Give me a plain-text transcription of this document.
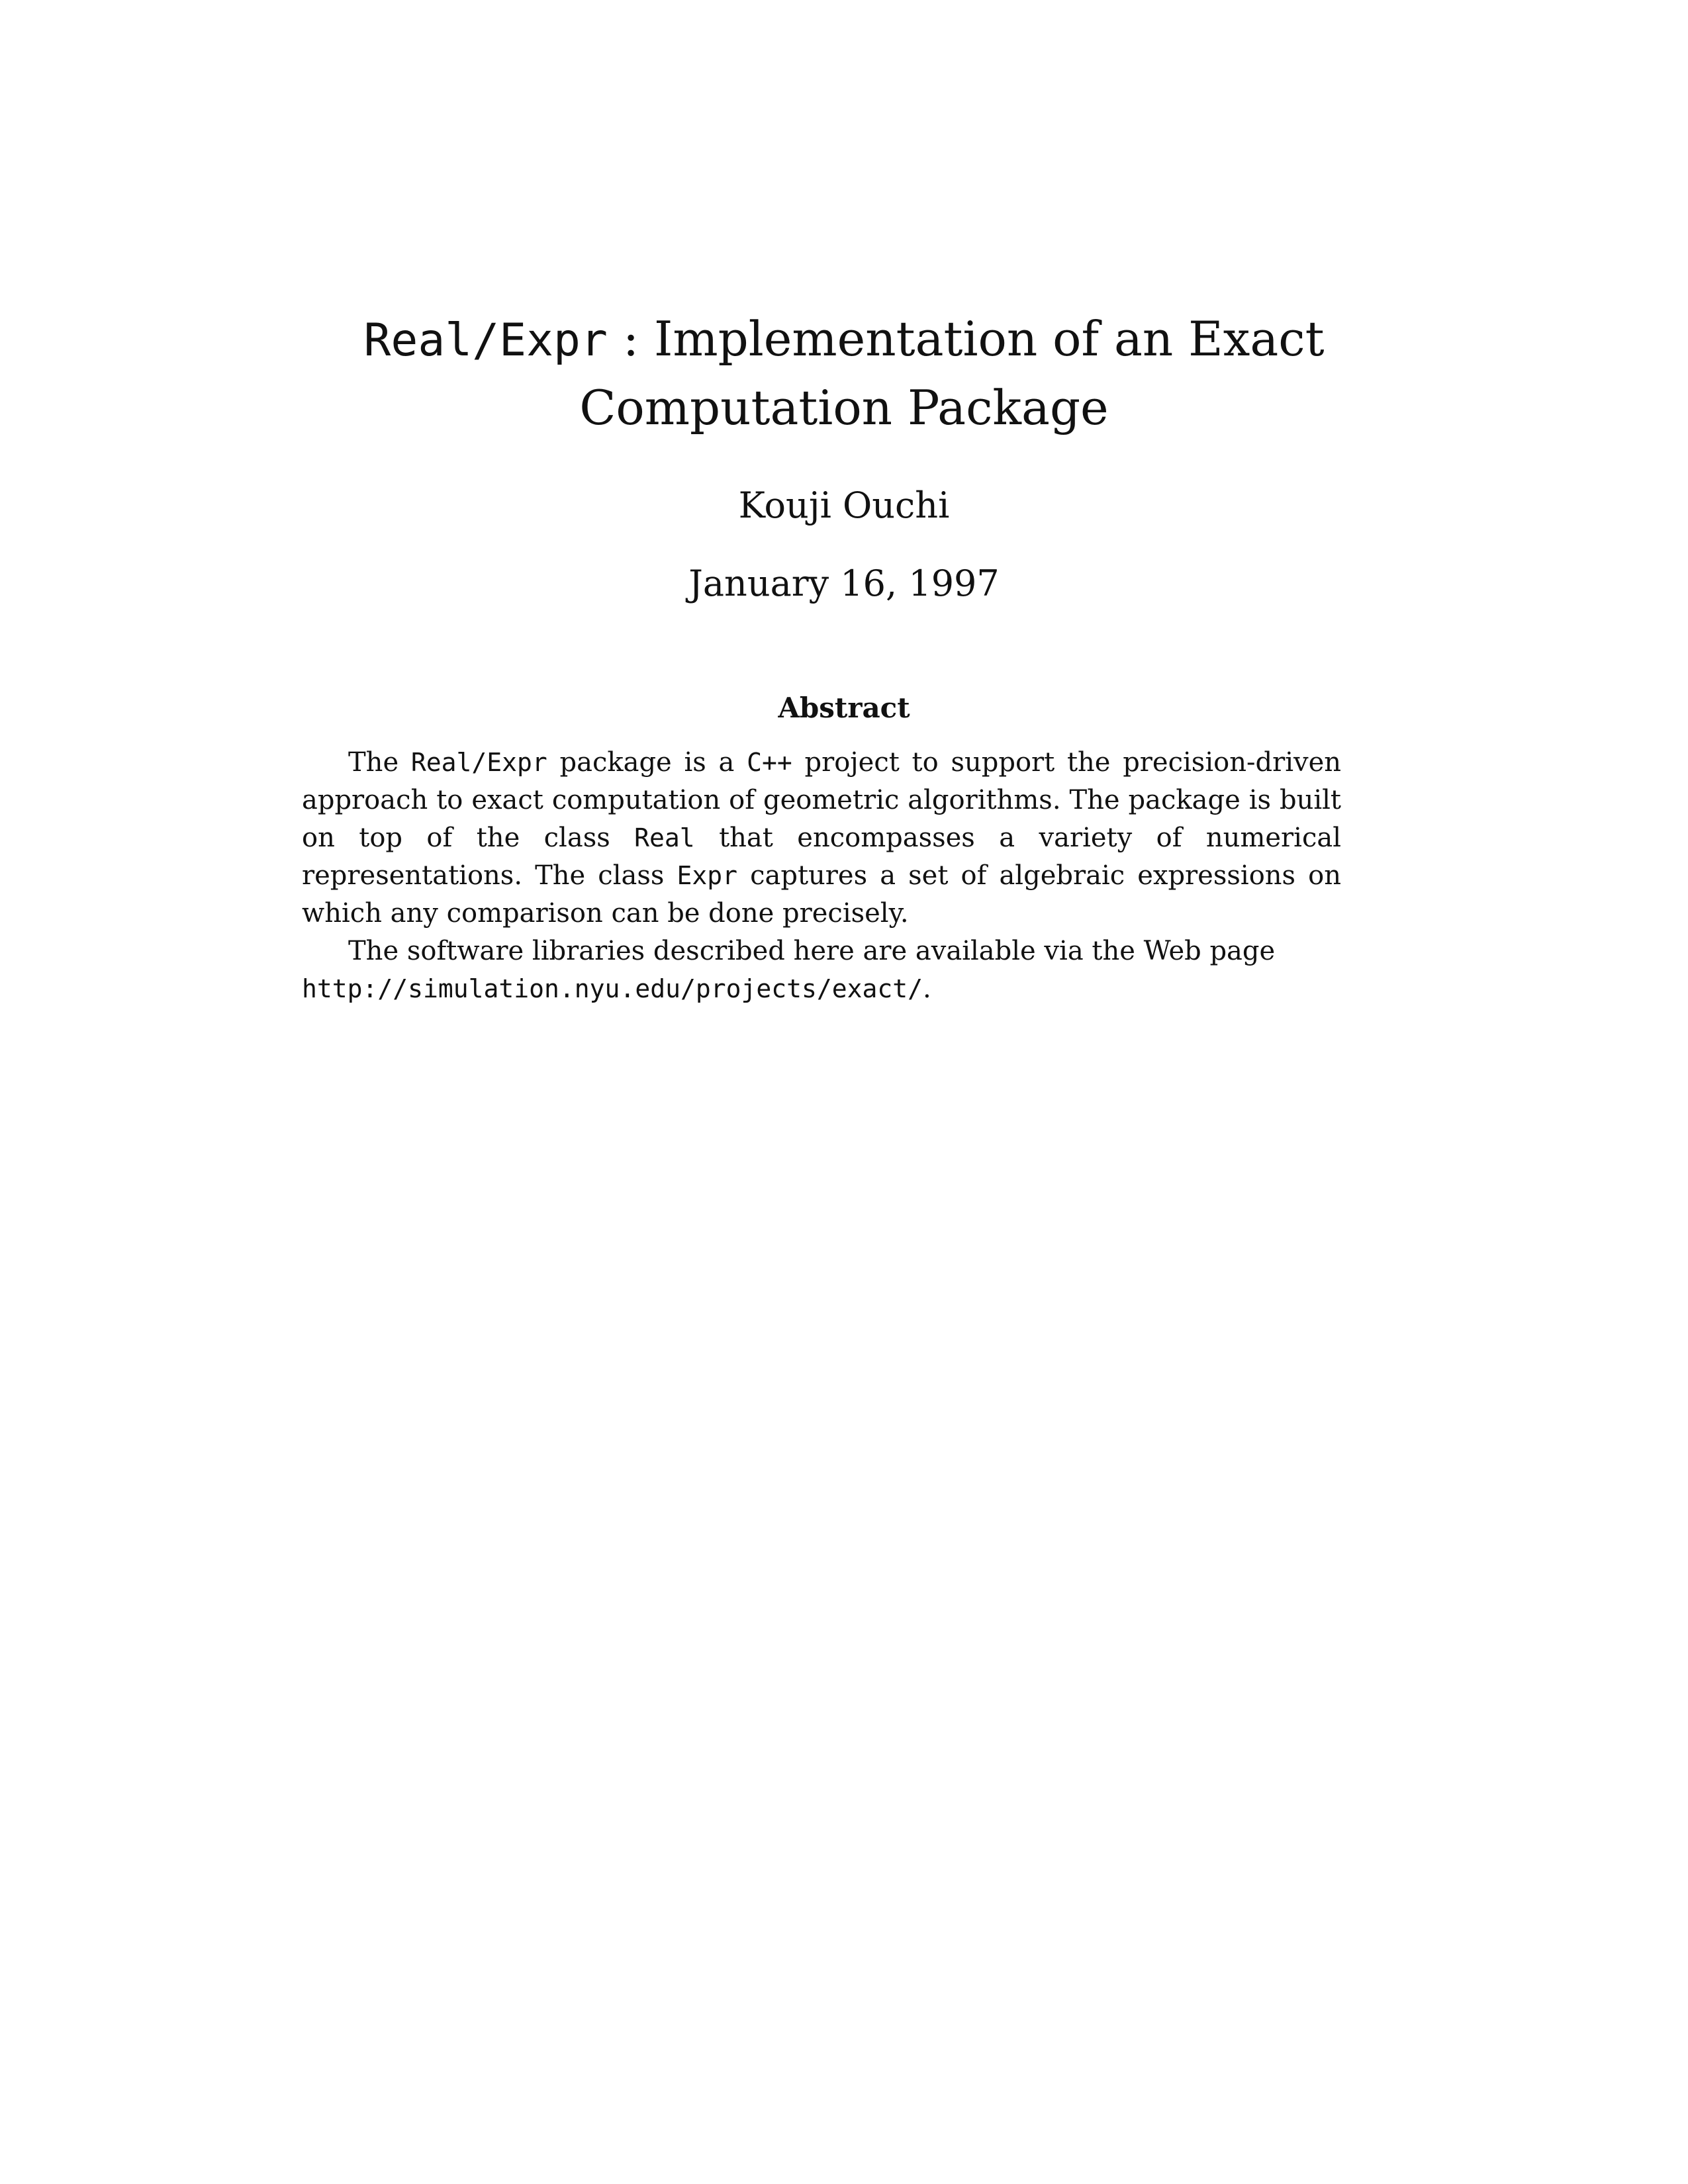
Real/Expr : Implementation of an Exact
Computation Package
Kouji Ouchi
January 16, 1997
Abstract

The Real/Expr package is a C++ project to support the precision-driven approach to exact computation of geometric algorithms. The package is built on top of the class Real that encompasses a variety of numerical representations. The class Expr captures a set of algebraic expressions on which any comparison can be done precisely.

The software libraries described here are available via the Web page
http://simulation.nyu.edu/projects/exact/.
